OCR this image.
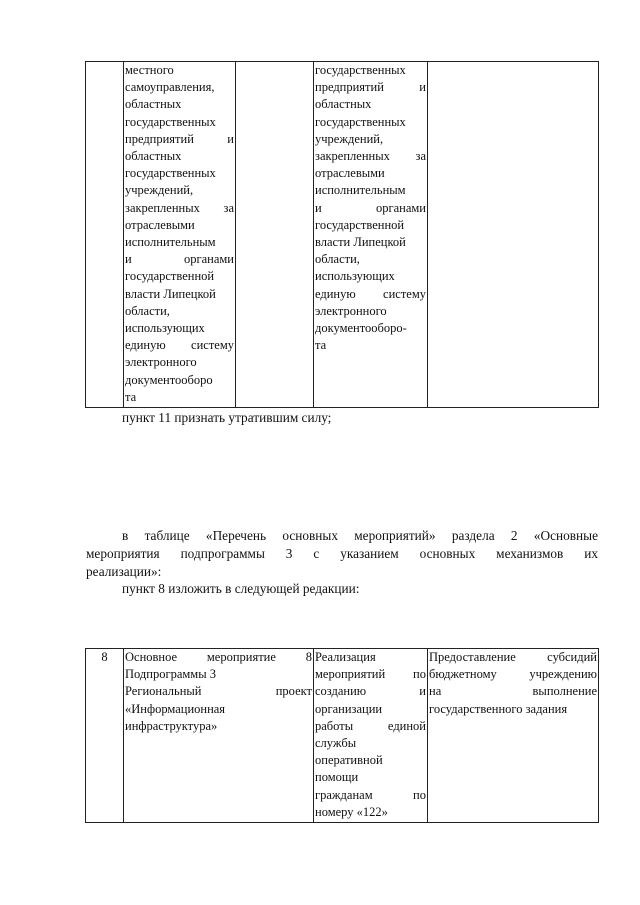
местного
самоуправления,
областных
государственных
предприятий и
областных
государственных
учреждений,
закрепленных за
отраслевыми
исполнительным
и органами
государственной
власти Липецкой
области,
использующих
единую систему
электронного
документооборо
та

государственных
предприятий и
областных
государственных
учреждений,
закрепленных за
отраслевыми
исполнительным
и органами
государственной
власти Липецкой
области,
использующих
единую систему
электронного
документооборо-
та

пункт 11 признать утратившим силу;
в таблице «Перечень основных мероприятий» раздела 2 «Основные
мероприятия подпрограммы 3 с указанием основных механизмов их
реализации»:
пункт 8 изложить в следующей редакции:
8	Основное мероприятие 8
Подпрограммы 3
Региональный проект
«Информационная
инфраструктура»

Реализация
мероприятий по
созданию и
организации
работы единой
службы
оперативной
помощи
гражданам по
номеру «122»

Предоставление субсидий
бюджетному учреждению
на выполнение
государственного задания
